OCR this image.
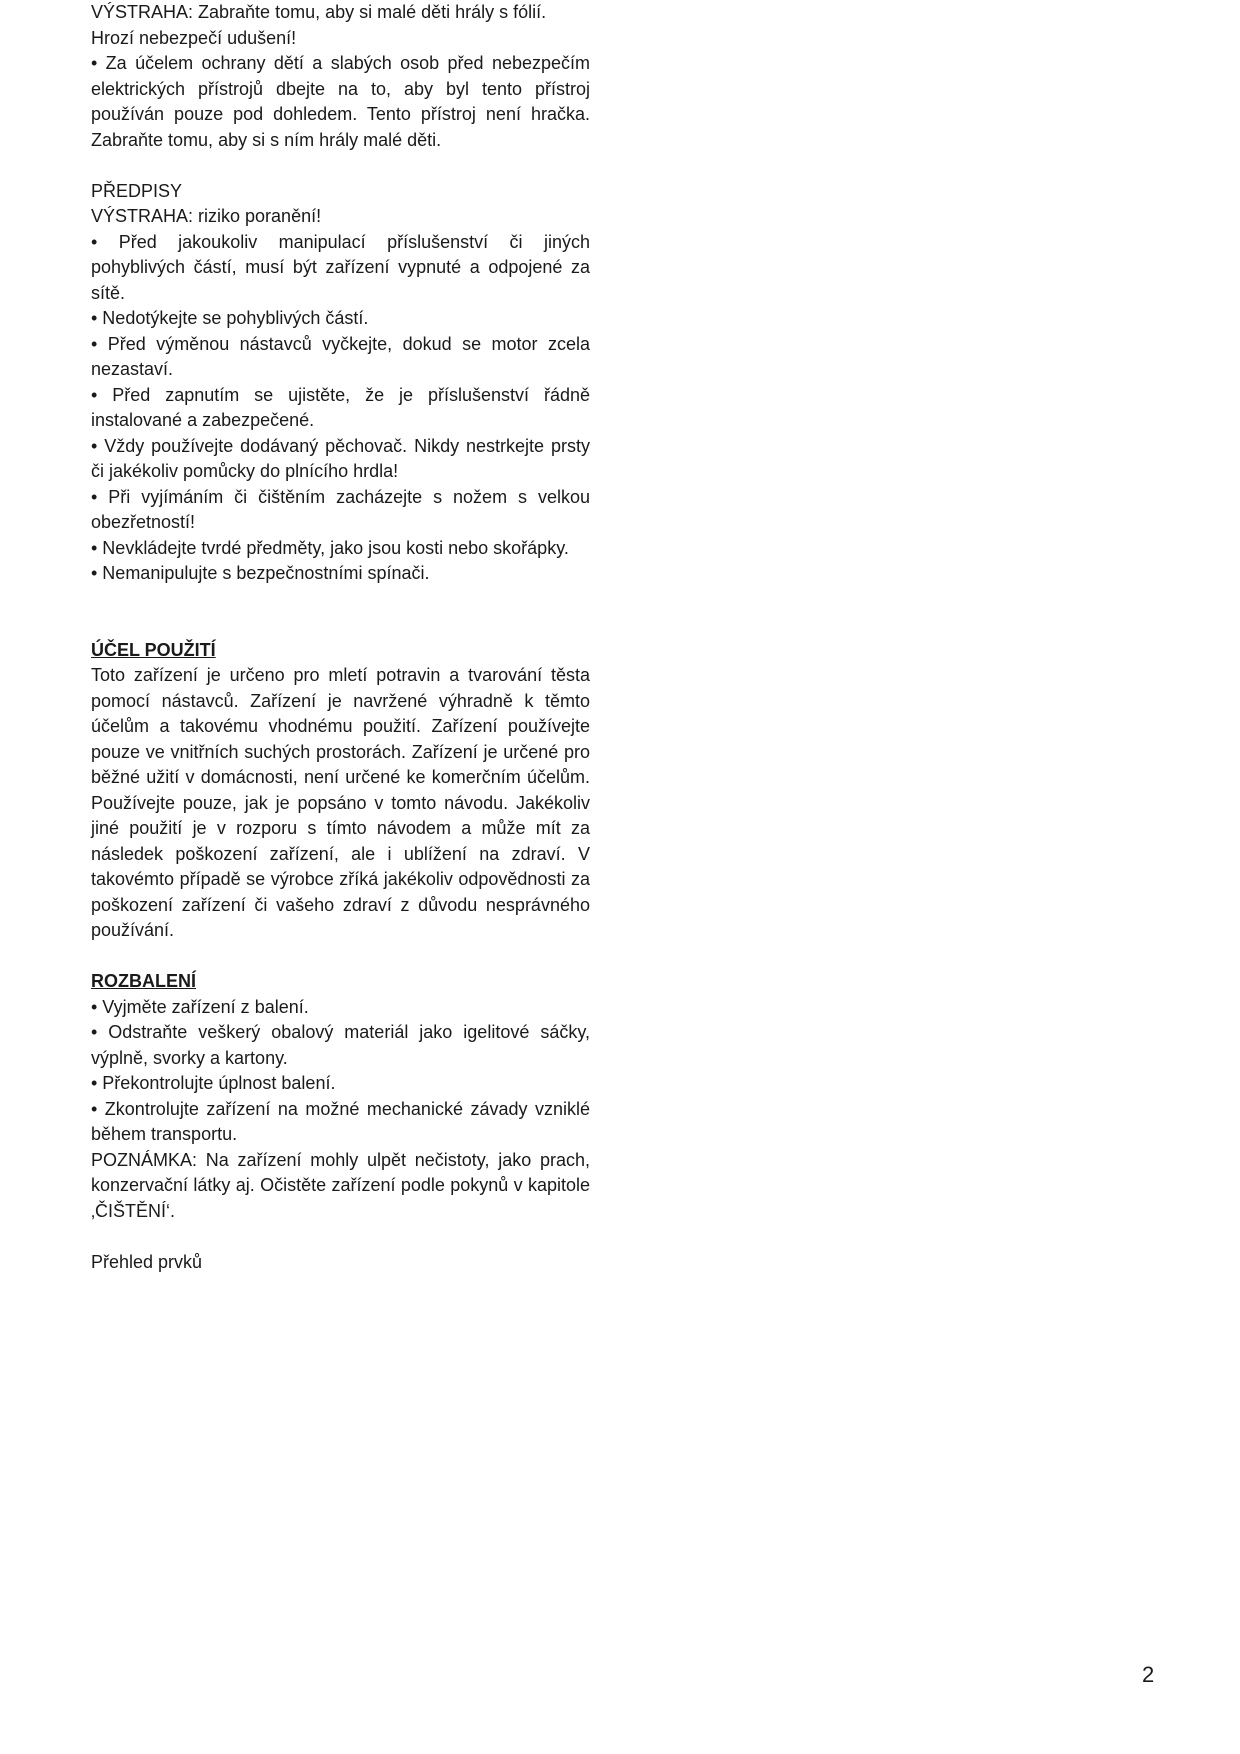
VÝSTRAHA: Zabraňte tomu, aby si malé děti hrály s fólií.

Hrozí nebezpečí udušení!

• Za účelem ochrany dětí a slabých osob před nebezpečím elektrických přístrojů dbejte na to, aby byl tento přístroj používán pouze pod dohledem. Tento přístroj není hračka. Zabraňte tomu, aby si s ním hrály malé děti.

PŘEDPISY

VÝSTRAHA: riziko poranění!

• Před jakoukoliv manipulací příslušenství či jiných pohyblivých částí, musí být zařízení vypnuté a odpojené za sítě.

• Nedotýkejte se pohyblivých částí.

• Před výměnou nástavců vyčkejte, dokud se motor zcela nezastaví.

• Před zapnutím se ujistěte, že je příslušenství řádně instalované a zabezpečené.

• Vždy používejte dodávaný pěchovač. Nikdy nestrkejte prsty či jakékoliv pomůcky do plnícího hrdla!

• Při vyjímáním či čištěním zacházejte s nožem s velkou obezřetností!

• Nevkládejte tvrdé předměty, jako jsou kosti nebo skořápky.

• Nemanipulujte s bezpečnostními spínači.

ÚČEL POUŽITÍ

Toto zařízení je určeno pro mletí potravin a tvarování těsta pomocí nástavců. Zařízení je navržené výhradně k těmto účelům a takovému vhodnému použití. Zařízení používejte pouze ve vnitřních suchých prostorách. Zařízení je určené pro běžné užití v domácnosti, není určené ke komerčním účelům. Používejte pouze, jak je popsáno v tomto návodu. Jakékoliv jiné použití je v rozporu s tímto návodem a může mít za následek poškození zařízení, ale i ublížení na zdraví. V takovémto případě se výrobce zříká jakékoliv odpovědnosti za poškození zařízení či vašeho zdraví z důvodu nesprávného používání.

ROZBALENÍ

• Vyjměte zařízení z balení.

• Odstraňte veškerý obalový materiál jako igelitové sáčky, výplně, svorky a kartony.

• Překontrolujte úplnost balení.

• Zkontrolujte zařízení na možné mechanické závady vzniklé během transportu.

POZNÁMKA: Na zařízení mohly ulpět nečistoty, jako prach, konzervační látky aj. Očistěte zařízení podle pokynů v kapitole ‚ČIŠTĚNÍ‘.

Přehled prvků

2
